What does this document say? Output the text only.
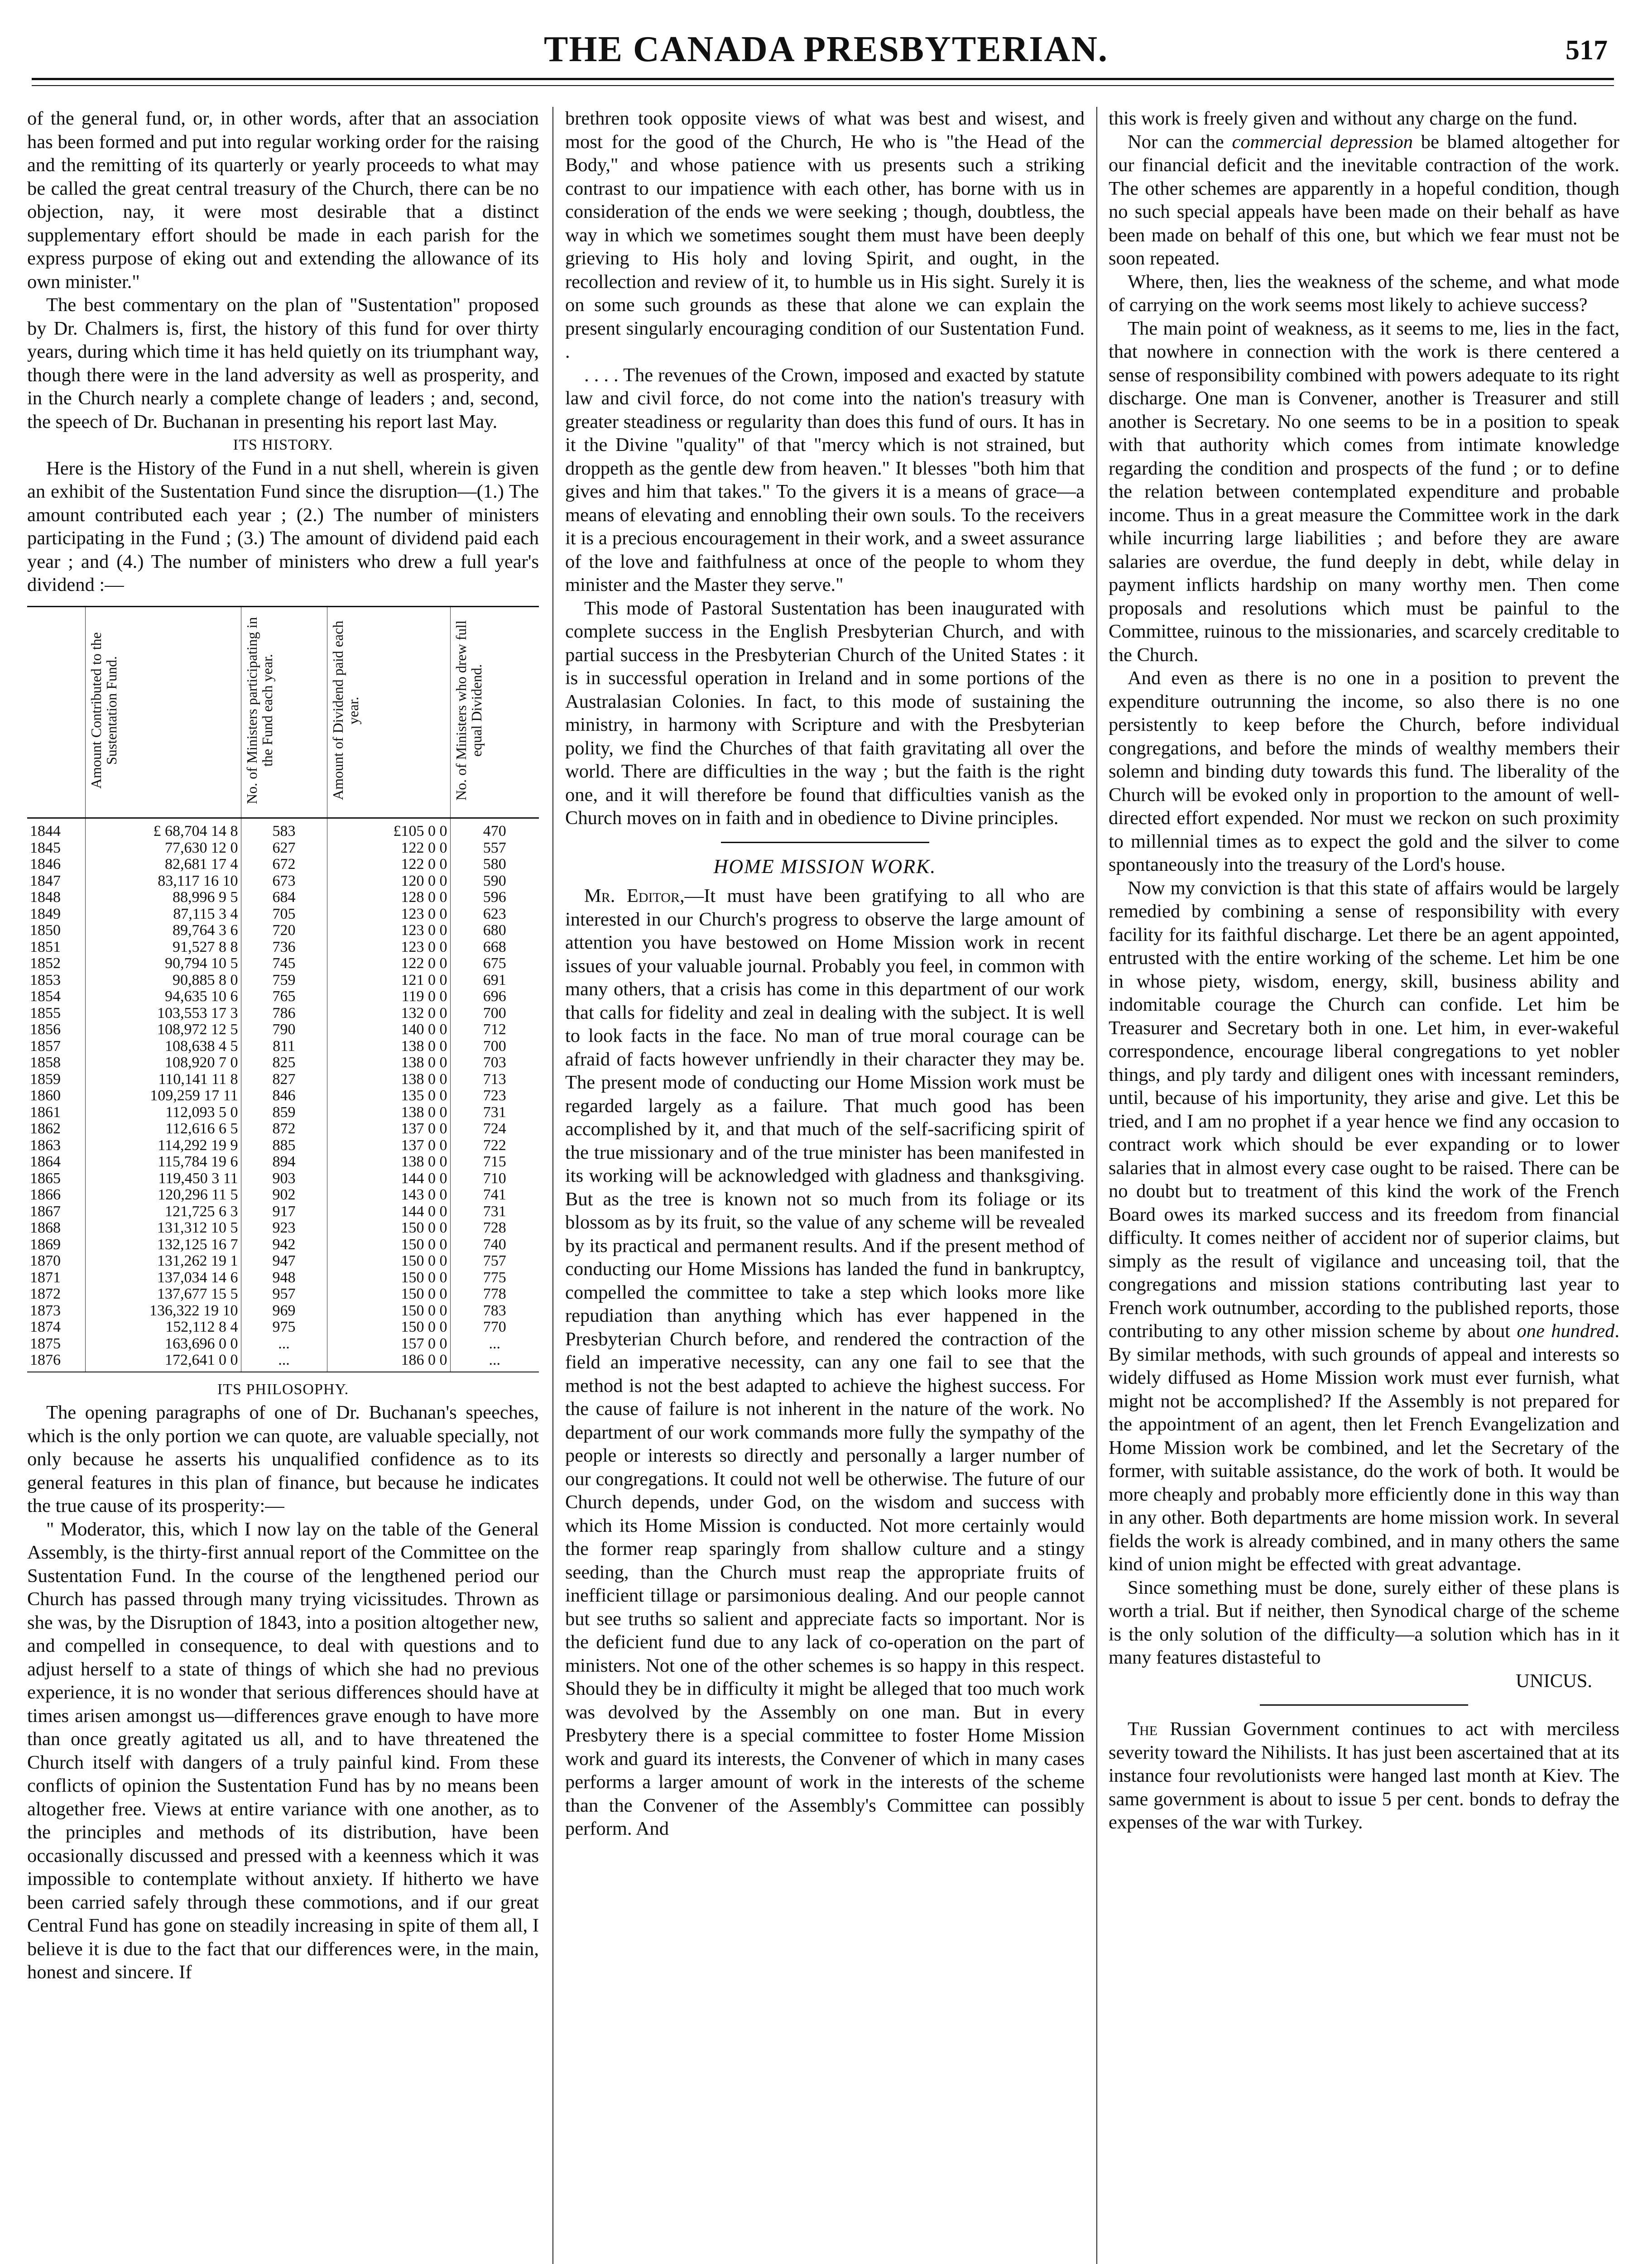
THE CANADA PRESBYTERIAN.	517

of the general fund, or, in other words, after that an association has been formed and put into regular working order for the raising and the remitting of its quarterly or yearly proceeds to what may be called the great central treasury of the Church, there can be no objection, nay, it were most desirable that a distinct supplementary effort should be made in each parish for the express purpose of eking out and extending the allowance of its own minister."

The best commentary on the plan of "Sustentation" proposed by Dr. Chalmers is, first, the history of this fund for over thirty years, during which time it has held quietly on its triumphant way, though there were in the land adversity as well as prosperity, and in the Church nearly a complete change of leaders ; and, second, the speech of Dr. Buchanan in presenting his report last May.

ITS HISTORY.

Here is the History of the Fund in a nut shell, wherein is given an exhibit of the Sustentation Fund since the disruption—(1.) The amount contributed each year ; (2.) The number of ministers participating in the Fund ; (3.) The amount of dividend paid each year ; and (4.) The number of ministers who drew a full year's dividend :—

	Amount Contributed to the Sustentation Fund.	No. of Ministers participating in the Fund each year.	Amount of Dividend paid each year.	No. of Ministers who drew full equal Dividend.
1844	£ 68,704 14 8	583	£105 0 0	470
1845	77,630 12 0	627	122 0 0	557
1846	82,681 17 4	672	122 0 0	580
1847	83,117 16 10	673	120 0 0	590
1848	88,996 9 5	684	128 0 0	596
1849	87,115 3 4	705	123 0 0	623
1850	89,764 3 6	720	123 0 0	680
1851	91,527 8 8	736	123 0 0	668
1852	90,794 10 5	745	122 0 0	675
1853	90,885 8 0	759	121 0 0	691
1854	94,635 10 6	765	119 0 0	696
1855	103,553 17 3	786	132 0 0	700
1856	108,972 12 5	790	140 0 0	712
1857	108,638 4 5	811	138 0 0	700
1858	108,920 7 0	825	138 0 0	703
1859	110,141 11 8	827	138 0 0	713
1860	109,259 17 11	846	135 0 0	723
1861	112,093 5 0	859	138 0 0	731
1862	112,616 6 5	872	137 0 0	724
1863	114,292 19 9	885	137 0 0	722
1864	115,784 19 6	894	138 0 0	715
1865	119,450 3 11	903	144 0 0	710
1866	120,296 11 5	902	143 0 0	741
1867	121,725 6 3	917	144 0 0	731
1868	131,312 10 5	923	150 0 0	728
1869	132,125 16 7	942	150 0 0	740
1870	131,262 19 1	947	150 0 0	757
1871	137,034 14 6	948	150 0 0	775
1872	137,677 15 5	957	150 0 0	778
1873	136,322 19 10	969	150 0 0	783
1874	152,112 8 4	975	150 0 0	770
1875	163,696 0 0	...	157 0 0	...
1876	172,641 0 0	...	186 0 0	...

ITS PHILOSOPHY.

The opening paragraphs of one of Dr. Buchanan's speeches, which is the only portion we can quote, are valuable specially, not only because he asserts his unqualified confidence as to its general features in this plan of finance, but because he indicates the true cause of its prosperity:—

" Moderator, this, which I now lay on the table of the General Assembly, is the thirty-first annual report of the Committee on the Sustentation Fund. In the course of the lengthened period our Church has passed through many trying vicissitudes. Thrown as she was, by the Disruption of 1843, into a position altogether new, and compelled in consequence, to deal with questions and to adjust herself to a state of things of which she had no previous experience, it is no wonder that serious differences should have at times arisen amongst us—differences grave enough to have more than once greatly agitated us all, and to have threatened the Church itself with dangers of a truly painful kind. From these conflicts of opinion the Sustentation Fund has by no means been altogether free. Views at entire variance with one another, as to the principles and methods of its distribution, have been occasionally discussed and pressed with a keenness which it was impossible to contemplate without anxiety. If hitherto we have been carried safely through these commotions, and if our great Central Fund has gone on steadily increasing in spite of them all, I believe it is due to the fact that our differences were, in the main, honest and sincere. If

brethren took opposite views of what was best and wisest, and most for the good of the Church, He who is "the Head of the Body," and whose patience with us presents such a striking contrast to our impatience with each other, has borne with us in consideration of the ends we were seeking ; though, doubtless, the way in which we sometimes sought them must have been deeply grieving to His holy and loving Spirit, and ought, in the recollection and review of it, to humble us in His sight. Surely it is on some such grounds as these that alone we can explain the present singularly encouraging condition of our Sustentation Fund. .

. . . . The revenues of the Crown, imposed and exacted by statute law and civil force, do not come into the nation's treasury with greater steadiness or regularity than does this fund of ours. It has in it the Divine "quality" of that "mercy which is not strained, but droppeth as the gentle dew from heaven." It blesses "both him that gives and him that takes." To the givers it is a means of grace—a means of elevating and ennobling their own souls. To the receivers it is a precious encouragement in their work, and a sweet assurance of the love and faithfulness at once of the people to whom they minister and the Master they serve."

This mode of Pastoral Sustentation has been inaugurated with complete success in the English Presbyterian Church, and with partial success in the Presbyterian Church of the United States : it is in successful operation in Ireland and in some portions of the Australasian Colonies. In fact, to this mode of sustaining the ministry, in harmony with Scripture and with the Presbyterian polity, we find the Churches of that faith gravitating all over the world. There are difficulties in the way ; but the faith is the right one, and it will therefore be found that difficulties vanish as the Church moves on in faith and in obedience to Divine principles.

HOME MISSION WORK.

Mr. Editor,—It must have been gratifying to all who are interested in our Church's progress to observe the large amount of attention you have bestowed on Home Mission work in recent issues of your valuable journal. Probably you feel, in common with many others, that a crisis has come in this department of our work that calls for fidelity and zeal in dealing with the subject. It is well to look facts in the face. No man of true moral courage can be afraid of facts however unfriendly in their character they may be. The present mode of conducting our Home Mission work must be regarded largely as a failure. That much good has been accomplished by it, and that much of the self-sacrificing spirit of the true missionary and of the true minister has been manifested in its working will be acknowledged with gladness and thanksgiving. But as the tree is known not so much from its foliage or its blossom as by its fruit, so the value of any scheme will be revealed by its practical and permanent results. And if the present method of conducting our Home Missions has landed the fund in bankruptcy, compelled the committee to take a step which looks more like repudiation than anything which has ever happened in the Presbyterian Church before, and rendered the contraction of the field an imperative necessity, can any one fail to see that the method is not the best adapted to achieve the highest success. For the cause of failure is not inherent in the nature of the work. No department of our work commands more fully the sympathy of the people or interests so directly and personally a larger number of our congregations. It could not well be otherwise. The future of our Church depends, under God, on the wisdom and success with which its Home Mission is conducted. Not more certainly would the former reap sparingly from shallow culture and a stingy seeding, than the Church must reap the appropriate fruits of inefficient tillage or parsimonious dealing. And our people cannot but see truths so salient and appreciate facts so important. Nor is the deficient fund due to any lack of co-operation on the part of ministers. Not one of the other schemes is so happy in this respect. Should they be in difficulty it might be alleged that too much work was devolved by the Assembly on one man. But in every Presbytery there is a special committee to foster Home Mission work and guard its interests, the Convener of which in many cases performs a larger amount of work in the interests of the scheme than the Convener of the Assembly's Committee can possibly perform. And

this work is freely given and without any charge on the fund.

Nor can the commercial depression be blamed altogether for our financial deficit and the inevitable contraction of the work. The other schemes are apparently in a hopeful condition, though no such special appeals have been made on their behalf as have been made on behalf of this one, but which we fear must not be soon repeated.

Where, then, lies the weakness of the scheme, and what mode of carrying on the work seems most likely to achieve success?

The main point of weakness, as it seems to me, lies in the fact, that nowhere in connection with the work is there centered a sense of responsibility combined with powers adequate to its right discharge. One man is Convener, another is Treasurer and still another is Secretary. No one seems to be in a position to speak with that authority which comes from intimate knowledge regarding the condition and prospects of the fund ; or to define the relation between contemplated expenditure and probable income. Thus in a great measure the Committee work in the dark while incurring large liabilities ; and before they are aware salaries are overdue, the fund deeply in debt, while delay in payment inflicts hardship on many worthy men. Then come proposals and resolutions which must be painful to the Committee, ruinous to the missionaries, and scarcely creditable to the Church.

And even as there is no one in a position to prevent the expenditure outrunning the income, so also there is no one persistently to keep before the Church, before individual congregations, and before the minds of wealthy members their solemn and binding duty towards this fund. The liberality of the Church will be evoked only in proportion to the amount of well-directed effort expended. Nor must we reckon on such proximity to millennial times as to expect the gold and the silver to come spontaneously into the treasury of the Lord's house.

Now my conviction is that this state of affairs would be largely remedied by combining a sense of responsibility with every facility for its faithful discharge. Let there be an agent appointed, entrusted with the entire working of the scheme. Let him be one in whose piety, wisdom, energy, skill, business ability and indomitable courage the Church can confide. Let him be Treasurer and Secretary both in one. Let him, in ever-wakeful correspondence, encourage liberal congregations to yet nobler things, and ply tardy and diligent ones with incessant reminders, until, because of his importunity, they arise and give. Let this be tried, and I am no prophet if a year hence we find any occasion to contract work which should be ever expanding or to lower salaries that in almost every case ought to be raised. There can be no doubt but to treatment of this kind the work of the French Board owes its marked success and its freedom from financial difficulty. It comes neither of accident nor of superior claims, but simply as the result of vigilance and unceasing toil, that the congregations and mission stations contributing last year to French work outnumber, according to the published reports, those contributing to any other mission scheme by about one hundred. By similar methods, with such grounds of appeal and interests so widely diffused as Home Mission work must ever furnish, what might not be accomplished? If the Assembly is not prepared for the appointment of an agent, then let French Evangelization and Home Mission work be combined, and let the Secretary of the former, with suitable assistance, do the work of both. It would be more cheaply and probably more efficiently done in this way than in any other. Both departments are home mission work. In several fields the work is already combined, and in many others the same kind of union might be effected with great advantage.

Since something must be done, surely either of these plans is worth a trial. But if neither, then Synodical charge of the scheme is the only solution of the difficulty—a solution which has in it many features distasteful to

UNICUS.

The Russian Government continues to act with merciless severity toward the Nihilists. It has just been ascertained that at its instance four revolutionists were hanged last month at Kiev. The same government is about to issue 5 per cent. bonds to defray the expenses of the war with Turkey.
